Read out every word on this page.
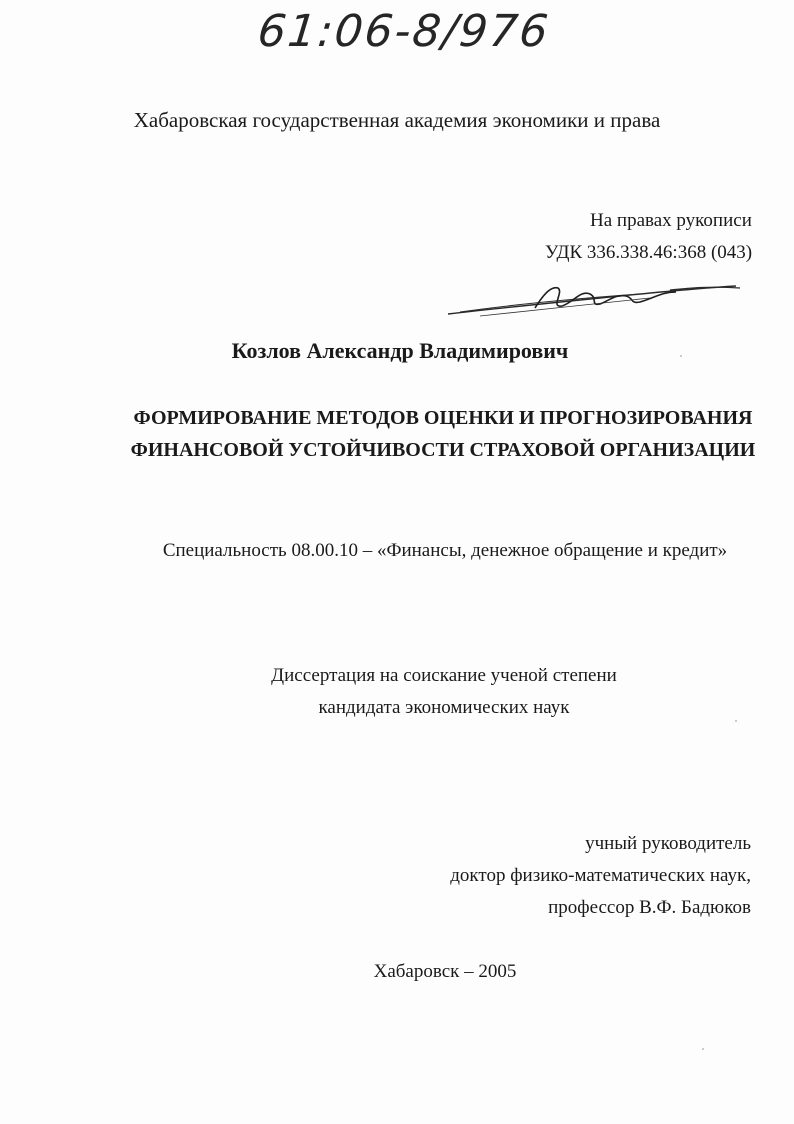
61:06-8/976
Хабаровская государственная академия экономики и права
На правах рукописи
УДК 336.338.46:368 (043)
Козлов Александр Владимирович
ФОРМИРОВАНИЕ МЕТОДОВ ОЦЕНКИ И ПРОГНОЗИРОВАНИЯ
ФИНАНСОВОЙ УСТОЙЧИВОСТИ СТРАХОВОЙ ОРГАНИЗАЦИИ
Специальность 08.00.10 – «Финансы, денежное обращение и кредит»
Диссертация на соискание ученой степени
кандидата экономических наук
учный руководитель
доктор физико-математических наук,
профессор В.Ф. Бадюков
Хабаровск – 2005
